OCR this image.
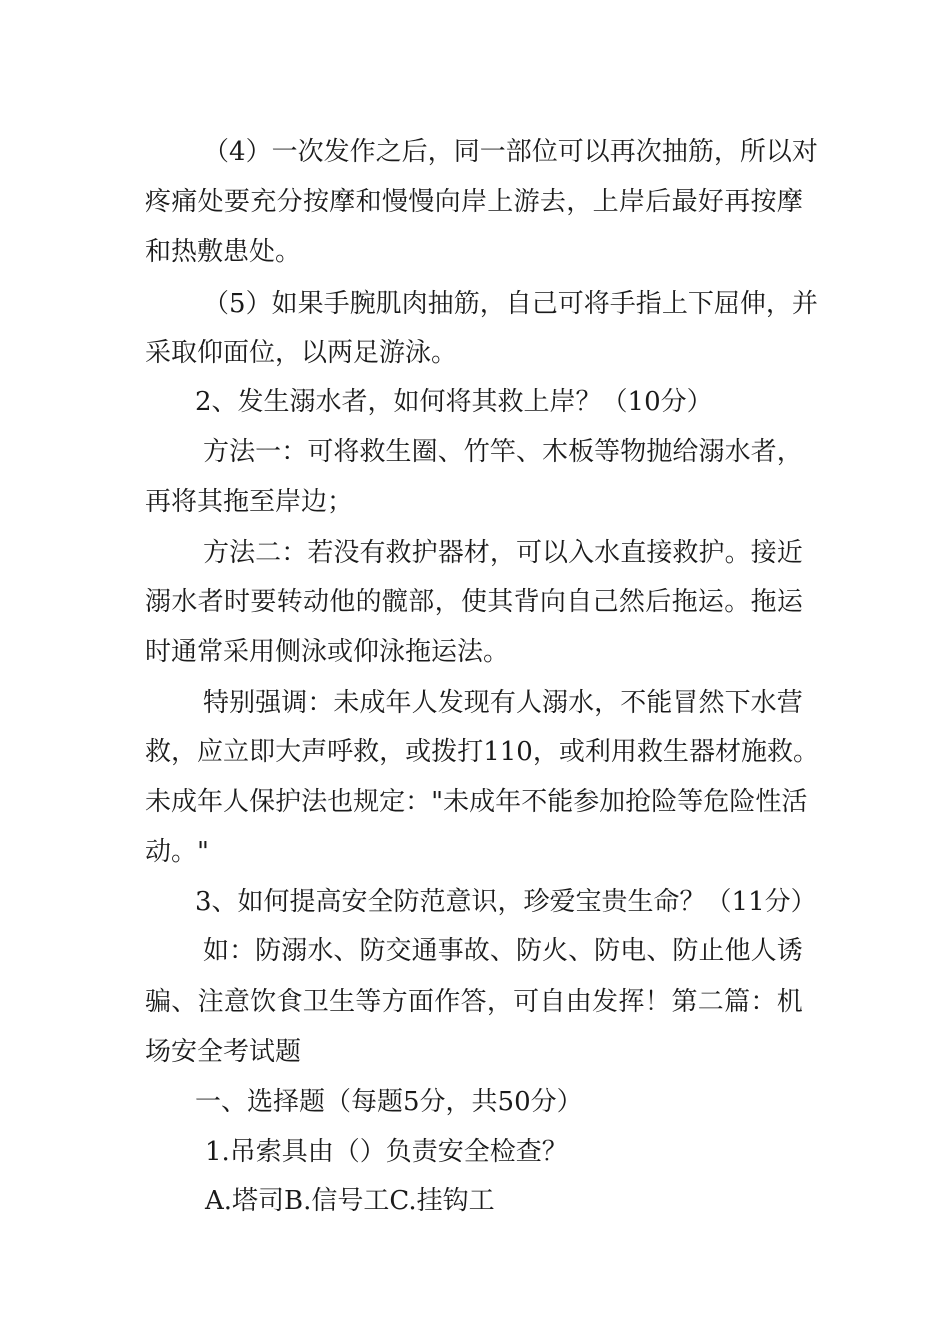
（ 4 ） 一 次 发 作 之 后 ， 同 一 部 位 可 以 再 次 抽 筋 ， 所 以 对
疼 痛 处 要 充 分 按 摩 和 慢 慢 向 岸 上 游 去 ， 上 岸 后 最 好 再 按 摩
和热敷患处。
（ 5 ） 如 果 手 腕 肌 肉 抽 筋 ， 自 己 可 将 手 指 上 下 屈 伸 ， 并
采取仰面位，以两足游泳。
2、发生溺水者，如何将其救上岸？（10分）
方 法 一 ： 可 将 救 生 圈 、 竹 竿 、 木 板 等 物 抛 给 溺 水 者 ，
再将其拖至岸边；
方 法 二 ： 若 没 有 救 护 器 材 ， 可 以 入 水 直 接 救 护 。 接 近
溺 水 者 时 要 转 动 他 的 髋 部 ， 使 其 背 向 自 己 然 后 拖 运 。 拖 运
时通常采用侧泳或仰泳拖运法。
特 别 强 调 ： 未 成 年 人 发 现 有 人 溺 水 ， 不 能 冒 然 下 水 营
救 ， 应 立 即 大 声 呼 救 ， 或 拨 打 110 ， 或 利 用 救 生 器 材 施 救 。
未 成 年 人 保 护 法 也 规 定 ： " 未 成 年 不 能 参 加 抢 险 等 危 险 性 活
动。"
3、如何提高安全防范意识，珍爱宝贵生命？（11分）
如 ： 防 溺 水 、 防 交 通 事 故 、 防 火 、 防 电 、 防 止 他 人 诱
骗 、 注 意 饮 食 卫 生 等 方 面 作 答 ， 可 自 由 发 挥 ！ 第 二 篇 ： 机
场安全考试题
一、选择题（每题5分，共50分）
1.吊索具由（）负责安全检查？
A.塔司B.信号工C.挂钩工
